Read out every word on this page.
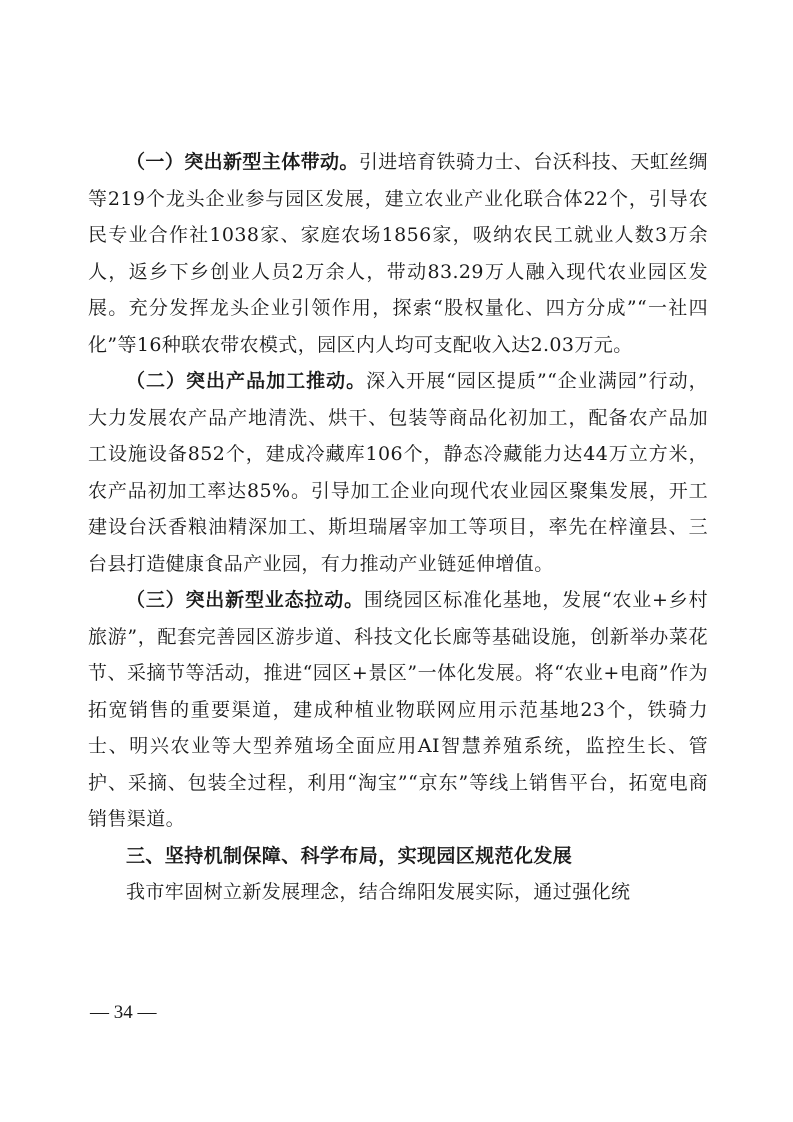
（一）突出新型主体带动。引进培育铁骑力士、台沃科技、天虹丝绸等219个龙头企业参与园区发展，建立农业产业化联合体22个，引导农民专业合作社1038家、家庭农场1856家，吸纳农民工就业人数3万余人，返乡下乡创业人员2万余人，带动83.29万人融入现代农业园区发展。充分发挥龙头企业引领作用，探索“股权量化、四方分成”“一社四化”等16种联农带农模式，园区内人均可支配收入达2.03万元。

（二）突出产品加工推动。深入开展“园区提质”“企业满园”行动，大力发展农产品产地清洗、烘干、包装等商品化初加工，配备农产品加工设施设备852个，建成冷藏库106个，静态冷藏能力达44万立方米，农产品初加工率达85%。引导加工企业向现代农业园区聚集发展，开工建设台沃香粮油精深加工、斯坦瑞屠宰加工等项目，率先在梓潼县、三台县打造健康食品产业园，有力推动产业链延伸增值。

（三）突出新型业态拉动。围绕园区标准化基地，发展“农业+乡村旅游”，配套完善园区游步道、科技文化长廊等基础设施，创新举办菜花节、采摘节等活动，推进“园区+景区”一体化发展。将“农业+电商”作为拓宽销售的重要渠道，建成种植业物联网应用示范基地23个，铁骑力士、明兴农业等大型养殖场全面应用AI智慧养殖系统，监控生长、管护、采摘、包装全过程，利用“淘宝”“京东”等线上销售平台，拓宽电商销售渠道。

三、坚持机制保障、科学布局，实现园区规范化发展

我市牢固树立新发展理念，结合绵阳发展实际，通过强化统

— 34 —
